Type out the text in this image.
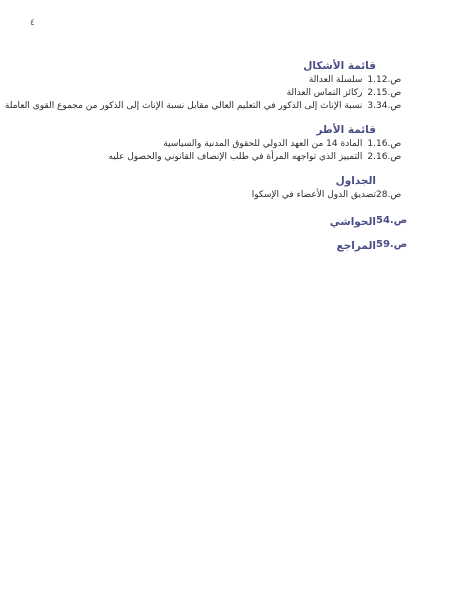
٤
قائمة الأشكال
1.
سلسلة العدالة ص.12
2.
ركائز التماس العدالة ص.15
3.
نسبة الإناث إلى الذكور في التعليم العالي مقابل نسبة الإناث إلى الذكور من مجموع القوى العاملة ص.34
قائمة الأطر
1.
المادة 14 من العهد الدولي للحقوق المدنية والسياسية ص.16
2.
التمييز الذي تواجهه المرأة في طلب الإنصاف القانوني والحصول عليه ص.16
الجداول
تصديق الدول الأعضاء في الإسكوا ص.28
الحواشي ص.54
المراجع ص.59
